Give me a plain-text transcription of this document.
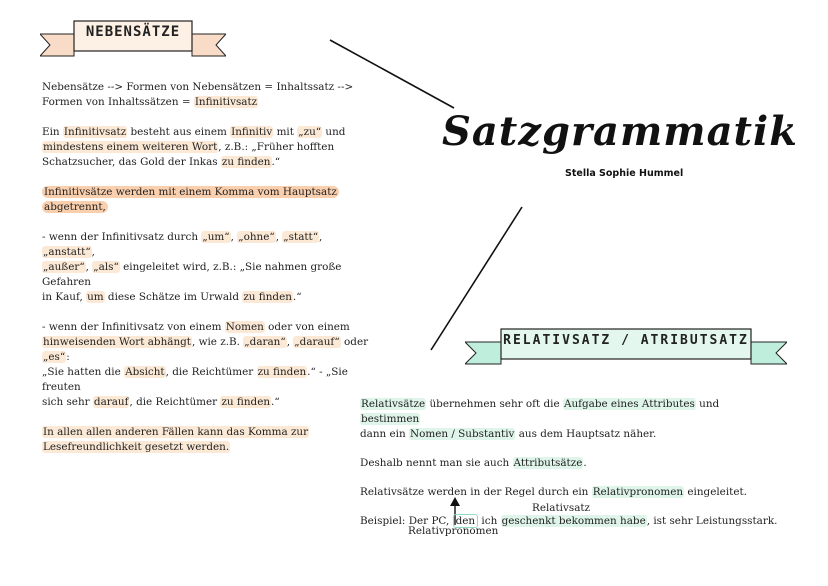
NEBENSÄTZE
Satzgrammatik
Stella Sophie Hummel

Nebensätze --> Formen von Nebensätzen = Inhaltssatz -->
Formen von Inhaltssätzen = Infinitivsatz

Ein Infinitivsatz besteht aus einem Infinitiv mit „zu“ und
mindestens einem weiteren Wort, z.B.: „Früher hofften
Schatzsucher, das Gold der Inkas zu finden.“

Infinitivsätze werden mit einem Komma vom Hauptsatz
abgetrennt,

- wenn der Infinitivsatz durch „um“, „ohne“, „statt“, „anstatt“,
„außer“, „als“ eingeleitet wird, z.B.: „Sie nahmen große Gefahren
in Kauf, um diese Schätze im Urwald zu finden.“

- wenn der Infinitivsatz von einem Nomen oder von einem
hinweisenden Wort abhängt, wie z.B. „daran“, „darauf“ oder „es“:
„Sie hatten die Absicht, die Reichtümer zu finden.“ - „Sie freuten
sich sehr darauf, die Reichtümer zu finden.“

In allen allen anderen Fällen kann das Komma zur
Lesefreundlichkeit gesetzt werden.

RELATIVSATZ / ATRIBUTSATZ

Relativsätze übernehmen sehr oft die Aufgabe eines Attributes und bestimmen
dann ein Nomen / Substantiv aus dem Hauptsatz näher.

Deshalb nennt man sie auch Attributsätze.

Relativsätze werden in der Regel durch ein Relativpronomen eingeleitet.

Beispiel: Der PC, den ich geschenkt bekommen habe, ist sehr Leistungsstark.

Relativsatz
Relativpronomen
